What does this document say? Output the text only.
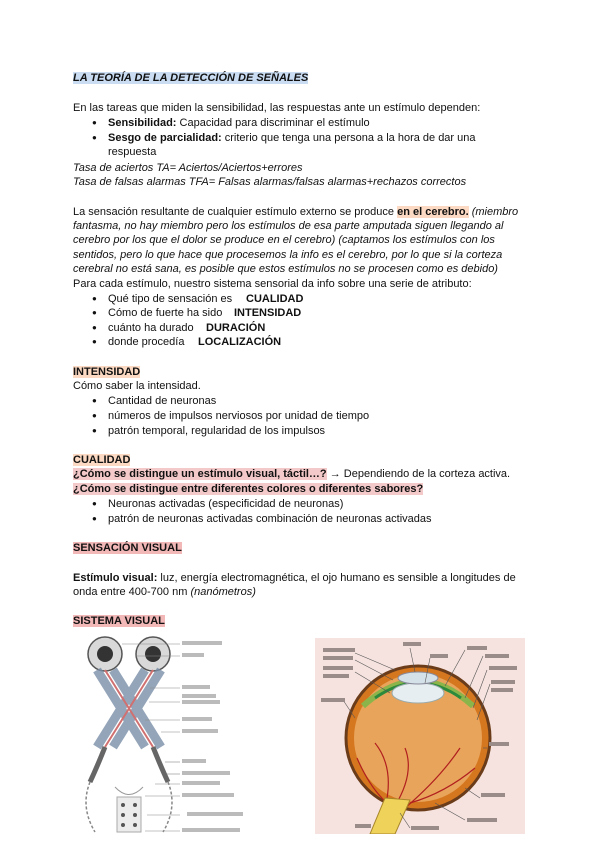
LA TEORÍA DE LA DETECCIÓN DE SEÑALES
En las tareas que miden la sensibilidad, las respuestas ante un estímulo dependen:
● Sensibilidad: Capacidad para discriminar el estímulo
● Sesgo de parcialidad: criterio que tenga una persona a la hora de dar una respuesta
Tasa de aciertos TA= Aciertos/Aciertos+errores
Tasa de falsas alarmas TFA= Falsas alarmas/falsas alarmas+rechazos correctos
La sensación resultante de cualquier estímulo externo se produce en el cerebro. (miembro
fantasma, no hay miembro pero los estímulos de esa parte amputada siguen llegando al
cerebro por los que el dolor se produce en el cerebro) (captamos los estímulos con los
sentidos, pero lo que hace que procesemos la info es el cerebro, por lo que si la corteza
cerebral no está sana, es posible que estos estímulos no se procesen como es debido)
Para cada estímulo, nuestro sistema sensorial da info sobre una serie de atributo:
● Qué tipo de sensación es CUALIDAD
● Cómo de fuerte ha sido INTENSIDAD
● cuánto ha durado DURACIÓN
● donde procedía LOCALIZACIÓN
INTENSIDAD
Cómo saber la intensidad.
● Cantidad de neuronas
● números de impulsos nerviosos por unidad de tiempo
● patrón temporal, regularidad de los impulsos
CUALIDAD
¿Cómo se distingue un estímulo visual, táctil…? → Dependiendo de la corteza activa.
¿Cómo se distingue entre diferentes colores o diferentes sabores?
● Neuronas activadas (especificidad de neuronas)
● patrón de neuronas activadas combinación de neuronas activadas
SENSACIÓN VISUAL
Estímulo visual: luz, energía electromagnética, el ojo humano es sensible a longitudes de
onda entre 400-700 nm (nanómetros)
SISTEMA VISUAL
